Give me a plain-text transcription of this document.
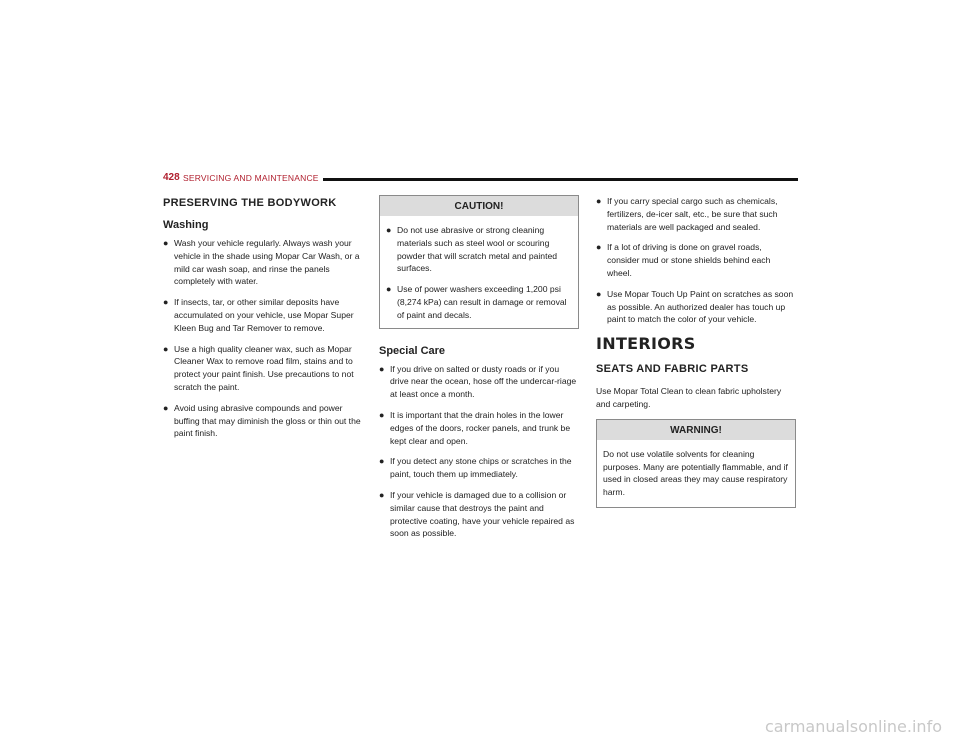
428 SERVICING AND MAINTENANCE
PRESERVING THE BODYWORK
Washing
● Wash your vehicle regularly. Always wash your vehicle in the shade using Mopar Car Wash, or a mild car wash soap, and rinse the panels completely with water.
● If insects, tar, or other similar deposits have accumulated on your vehicle, use Mopar Super Kleen Bug and Tar Remover to remove.
● Use a high quality cleaner wax, such as Mopar Cleaner Wax to remove road film, stains and to protect your paint finish. Use precautions to not scratch the paint.
● Avoid using abrasive compounds and power buffing that may diminish the gloss or thin out the paint finish.
CAUTION!
● Do not use abrasive or strong cleaning materials such as steel wool or scouring powder that will scratch metal and painted surfaces.
● Use of power washers exceeding 1,200 psi (8,274 kPa) can result in damage or removal of paint and decals.
Special Care
● If you drive on salted or dusty roads or if you drive near the ocean, hose off the undercar-riage at least once a month.
● It is important that the drain holes in the lower edges of the doors, rocker panels, and trunk be kept clear and open.
● If you detect any stone chips or scratches in the paint, touch them up immediately.
● If your vehicle is damaged due to a collision or similar cause that destroys the paint and protective coating, have your vehicle repaired as soon as possible.
● If you carry special cargo such as chemicals, fertilizers, de-icer salt, etc., be sure that such materials are well packaged and sealed.
● If a lot of driving is done on gravel roads, consider mud or stone shields behind each wheel.
● Use Mopar Touch Up Paint on scratches as soon as possible. An authorized dealer has touch up paint to match the color of your vehicle.
INTERIORS
SEATS AND FABRIC PARTS

Use Mopar Total Clean to clean fabric upholstery and carpeting.

WARNING!

Do not use volatile solvents for cleaning purposes. Many are potentially flammable, and if used in closed areas they may cause respiratory harm.

carmanualsonline.info
